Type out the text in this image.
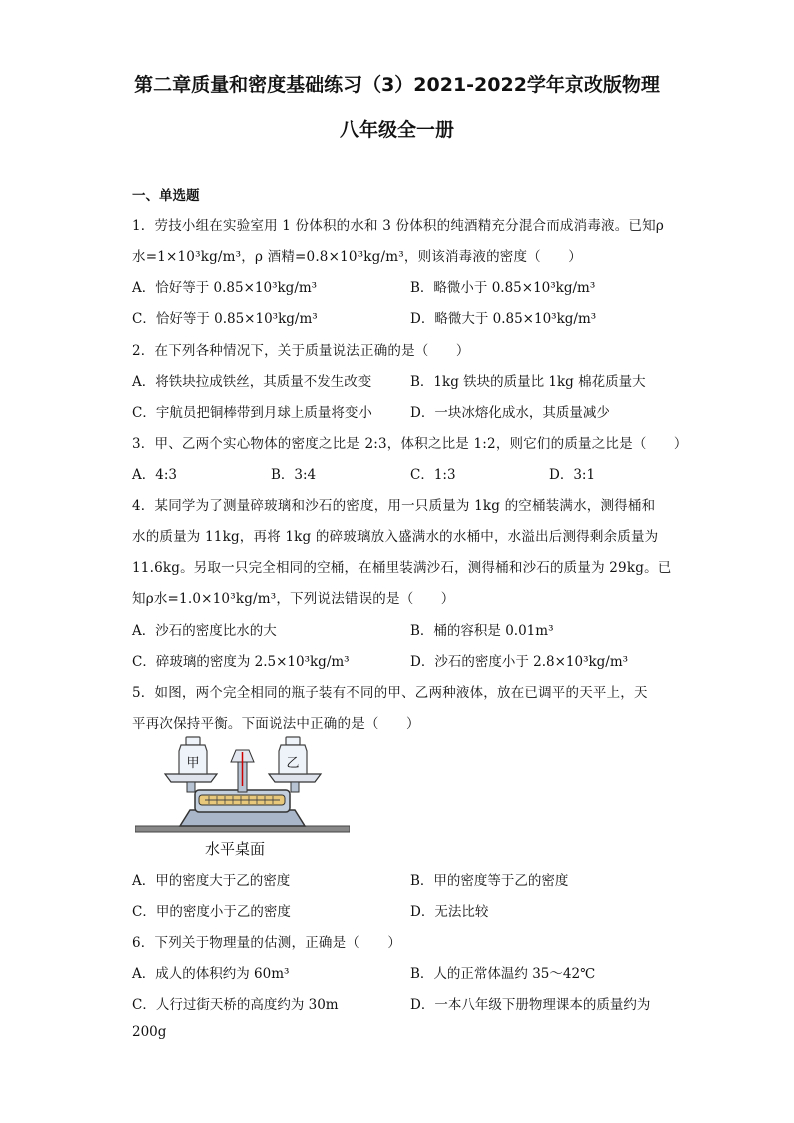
第二章质量和密度基础练习（3）2021-2022学年京改版物理
八年级全一册
一、单选题
1．劳技小组在实验室用 1 份体积的水和 3 份体积的纯酒精充分混合而成消毒液。已知ρ
水=1×10³kg/m³，ρ 酒精=0.8×10³kg/m³，则该消毒液的密度（　　）
A．恰好等于 0.85×10³kg/m³	B．略微小于 0.85×10³kg/m³
C．恰好等于 0.85×10³kg/m³	D．略微大于 0.85×10³kg/m³
2．在下列各种情况下，关于质量说法正确的是（　　）
A．将铁块拉成铁丝，其质量不发生改变	B．1kg 铁块的质量比 1kg 棉花质量大
C．宇航员把铜棒带到月球上质量将变小	D．一块冰熔化成水，其质量减少
3．甲、乙两个实心物体的密度之比是 2:3，体积之比是 1:2，则它们的质量之比是（　　）
A．4:3	B．3:4	C．1:3	D．3:1
4．某同学为了测量碎玻璃和沙石的密度，用一只质量为 1kg 的空桶装满水，测得桶和
水的质量为 11kg，再将 1kg 的碎玻璃放入盛满水的水桶中，水溢出后测得剩余质量为
11.6kg。另取一只完全相同的空桶，在桶里装满沙石，测得桶和沙石的质量为 29kg。已
知ρ水=1.0×10³kg/m³，下列说法错误的是（　　）
A．沙石的密度比水的大	B．桶的容积是 0.01m³
C．碎玻璃的密度为 2.5×10³kg/m³	D．沙石的密度小于 2.8×10³kg/m³
5．如图，两个完全相同的瓶子装有不同的甲、乙两种液体，放在已调平的天平上，天
平再次保持平衡。下面说法中正确的是（　　）
甲	乙
水平桌面
A．甲的密度大于乙的密度	B．甲的密度等于乙的密度
C．甲的密度小于乙的密度	D．无法比较
6．下列关于物理量的估测，正确是（　　）
A．成人的体积约为 60m³	B．人的正常体温约 35～42℃
C．人行过街天桥的高度约为 30m	D．一本八年级下册物理课本的质量约为
200g
